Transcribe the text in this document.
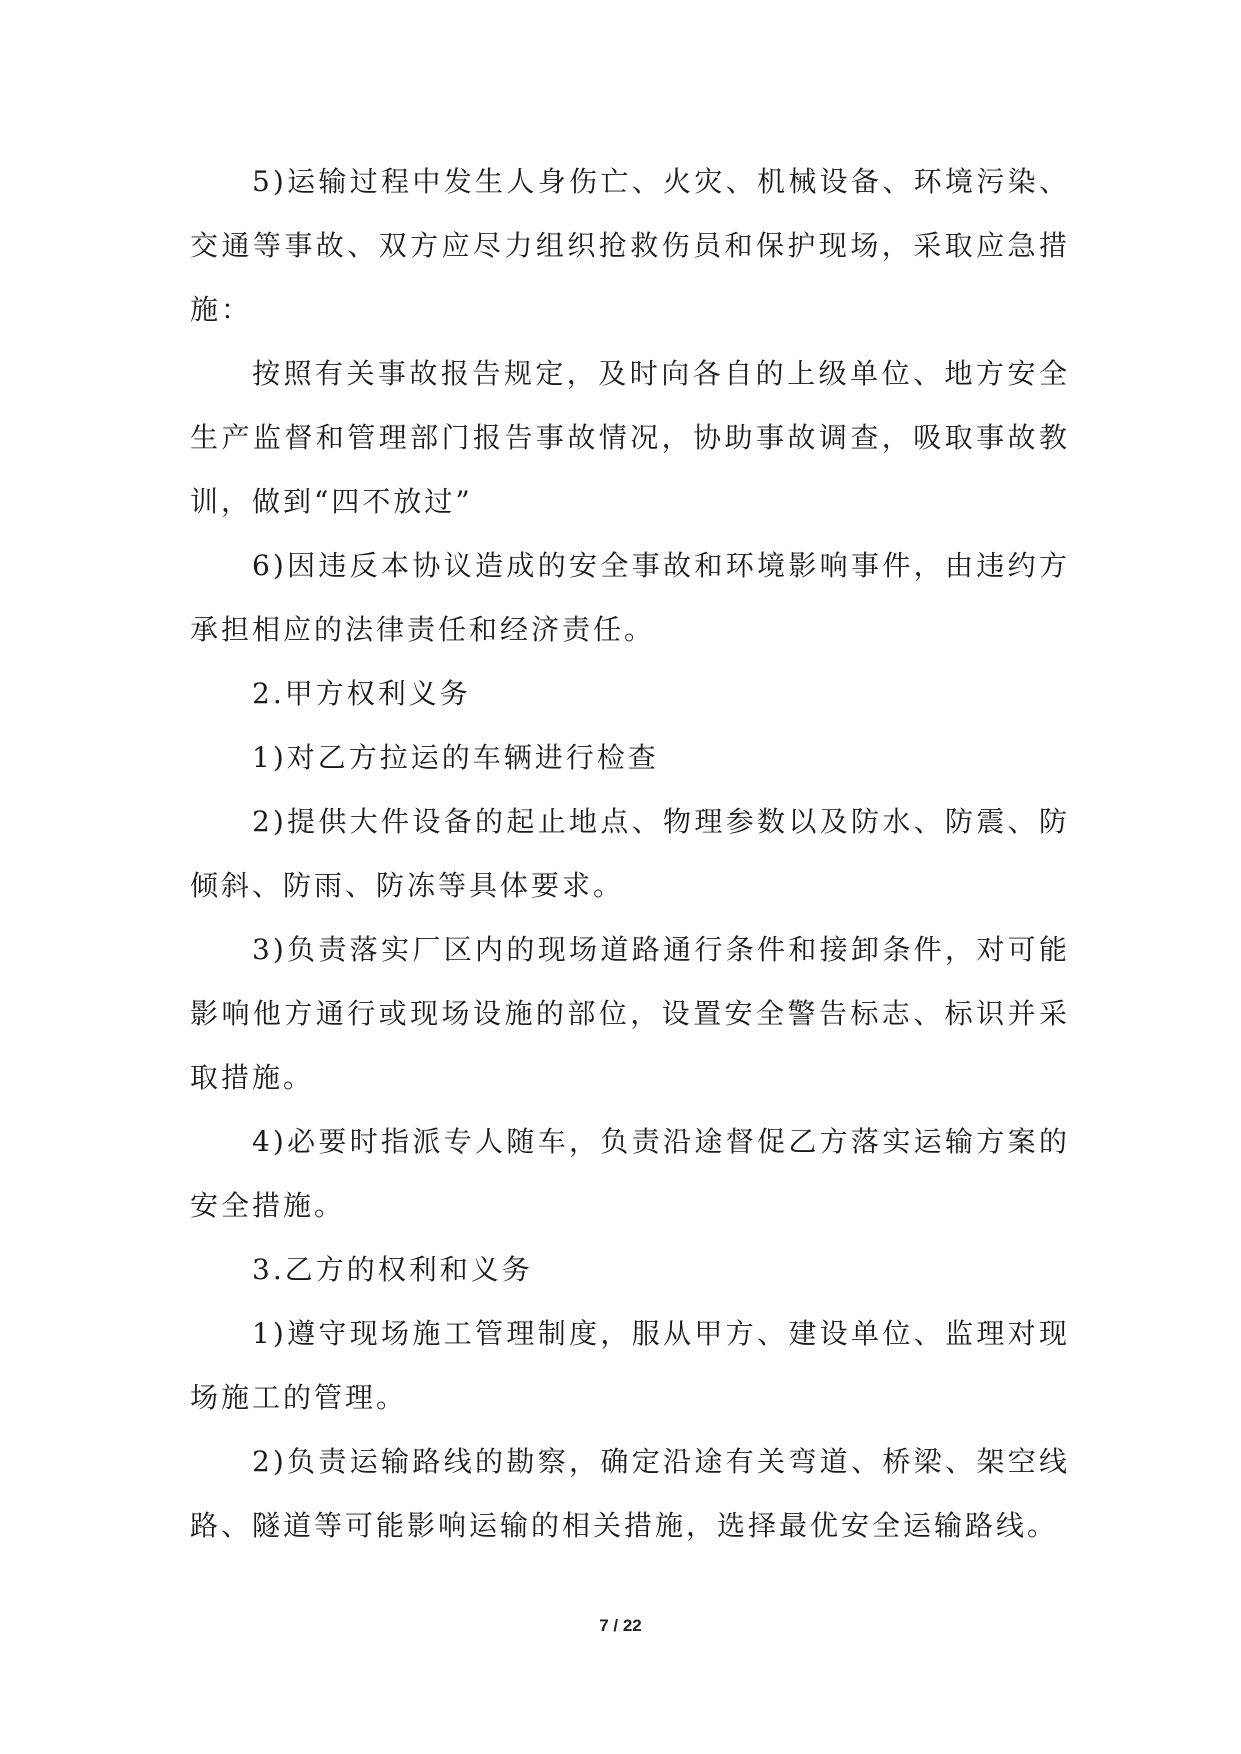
5)运输过程中发生人身伤亡、火灾、机械设备、环境污染、交通等事故、双方应尽力组织抢救伤员和保护现场，采取应急措施：

按照有关事故报告规定，及时向各自的上级单位、地方安全生产监督和管理部门报告事故情况，协助事故调查，吸取事故教训，做到“四不放过”

6)因违反本协议造成的安全事故和环境影响事件，由违约方承担相应的法律责任和经济责任。

2.甲方权利义务

1)对乙方拉运的车辆进行检查

2)提供大件设备的起止地点、物理参数以及防水、防震、防倾斜、防雨、防冻等具体要求。

3)负责落实厂区内的现场道路通行条件和接卸条件，对可能影响他方通行或现场设施的部位，设置安全警告标志、标识并采取措施。

4)必要时指派专人随车，负责沿途督促乙方落实运输方案的安全措施。

3.乙方的权利和义务

1)遵守现场施工管理制度，服从甲方、建设单位、监理对现场施工的管理。

2)负责运输路线的勘察，确定沿途有关弯道、桥梁、架空线路、隧道等可能影响运输的相关措施，选择最优安全运输路线。

7 / 22
